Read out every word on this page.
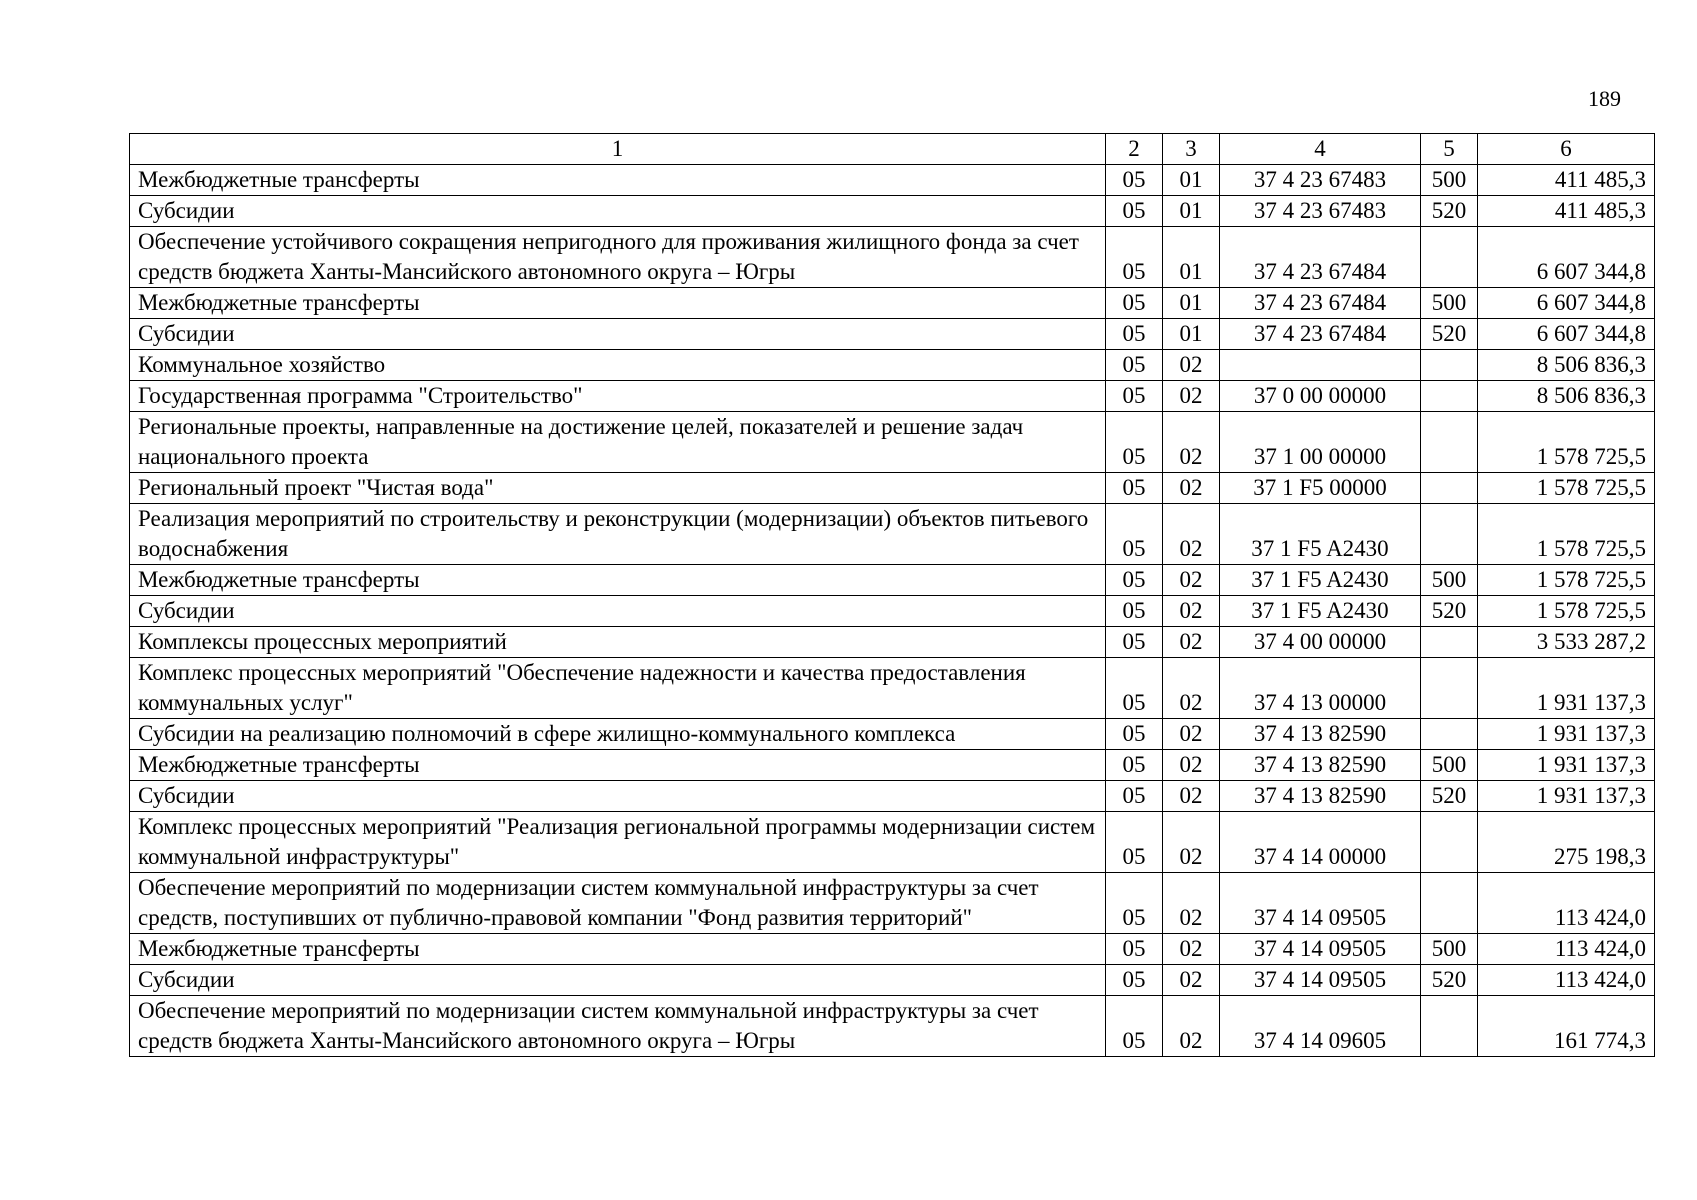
189
1	2	3	4	5	6
Межбюджетные трансферты	05	01	37 4 23 67483	500	411 485,3
Субсидии	05	01	37 4 23 67483	520	411 485,3
Обеспечение устойчивого сокращения непригодного для проживания жилищного фонда за счет средств бюджета Ханты-Мансийского автономного округа – Югры	05	01	37 4 23 67484		6 607 344,8
Межбюджетные трансферты	05	01	37 4 23 67484	500	6 607 344,8
Субсидии	05	01	37 4 23 67484	520	6 607 344,8
Коммунальное хозяйство	05	02			8 506 836,3
Государственная программа "Строительство"	05	02	37 0 00 00000		8 506 836,3
Региональные проекты, направленные на достижение целей, показателей и решение задач национального проекта	05	02	37 1 00 00000		1 578 725,5
Региональный проект "Чистая вода"	05	02	37 1 F5 00000		1 578 725,5
Реализация мероприятий по строительству и реконструкции (модернизации) объектов питьевого водоснабжения	05	02	37 1 F5 A2430		1 578 725,5
Межбюджетные трансферты	05	02	37 1 F5 A2430	500	1 578 725,5
Субсидии	05	02	37 1 F5 A2430	520	1 578 725,5
Комплексы процессных мероприятий	05	02	37 4 00 00000		3 533 287,2
Комплекс процессных мероприятий "Обеспечение надежности и качества предоставления коммунальных услуг"	05	02	37 4 13 00000		1 931 137,3
Субсидии на реализацию полномочий в сфере жилищно-коммунального комплекса	05	02	37 4 13 82590		1 931 137,3
Межбюджетные трансферты	05	02	37 4 13 82590	500	1 931 137,3
Субсидии	05	02	37 4 13 82590	520	1 931 137,3
Комплекс процессных мероприятий "Реализация региональной программы модернизации систем коммунальной инфраструктуры"	05	02	37 4 14 00000		275 198,3
Обеспечение мероприятий по модернизации систем коммунальной инфраструктуры за счет средств, поступивших от публично-правовой компании "Фонд развития территорий"	05	02	37 4 14 09505		113 424,0
Межбюджетные трансферты	05	02	37 4 14 09505	500	113 424,0
Субсидии	05	02	37 4 14 09505	520	113 424,0
Обеспечение мероприятий по модернизации систем коммунальной инфраструктуры за счет средств бюджета Ханты-Мансийского автономного округа – Югры	05	02	37 4 14 09605		161 774,3
